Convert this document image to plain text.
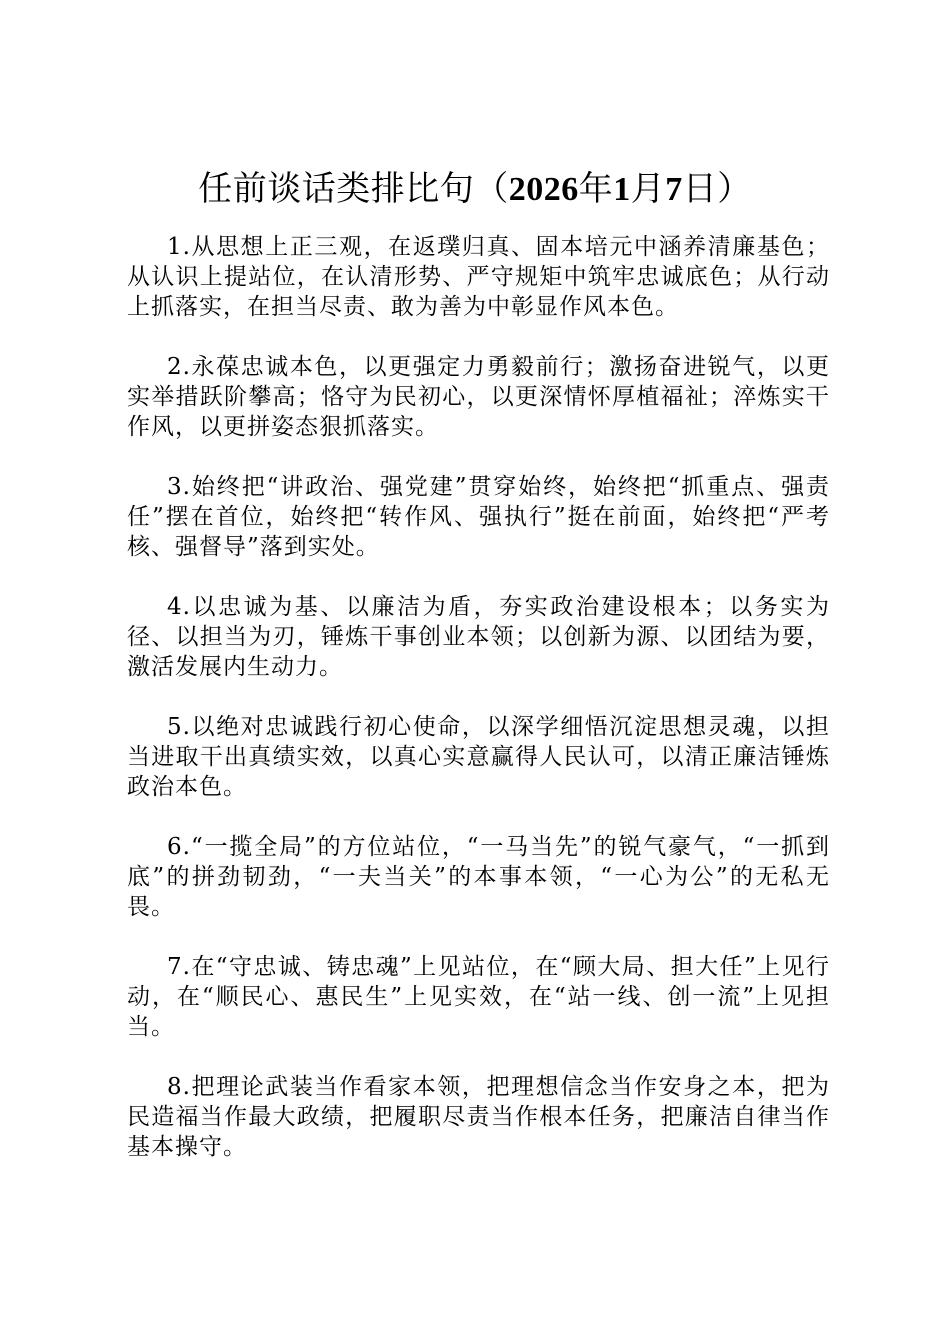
任前谈话类排比句（2026年1月7日）

1.从思想上正三观，在返璞归真、固本培元中涵养清廉基色；从认识上提站位，在认清形势、严守规矩中筑牢忠诚底色；从行动上抓落实，在担当尽责、敢为善为中彰显作风本色。

2.永葆忠诚本色，以更强定力勇毅前行；激扬奋进锐气，以更实举措跃阶攀高；恪守为民初心，以更深情怀厚植福祉；淬炼实干作风，以更拼姿态狠抓落实。

3.始终把“讲政治、强党建”贯穿始终，始终把“抓重点、强责任”摆在首位，始终把“转作风、强执行”挺在前面，始终把“严考核、强督导”落到实处。

4.以忠诚为基、以廉洁为盾，夯实政治建设根本；以务实为径、以担当为刃，锤炼干事创业本领；以创新为源、以团结为要，激活发展内生动力。

5.以绝对忠诚践行初心使命，以深学细悟沉淀思想灵魂，以担当进取干出真绩实效，以真心实意赢得人民认可，以清正廉洁锤炼政治本色。

6.“一揽全局”的方位站位，“一马当先”的锐气豪气，“一抓到底”的拼劲韧劲，“一夫当关”的本事本领，“一心为公”的无私无畏。

7.在“守忠诚、铸忠魂”上见站位，在“顾大局、担大任”上见行动，在“顺民心、惠民生”上见实效，在“站一线、创一流”上见担当。

8.把理论武装当作看家本领，把理想信念当作安身之本，把为民造福当作最大政绩，把履职尽责当作根本任务，把廉洁自律当作基本操守。
